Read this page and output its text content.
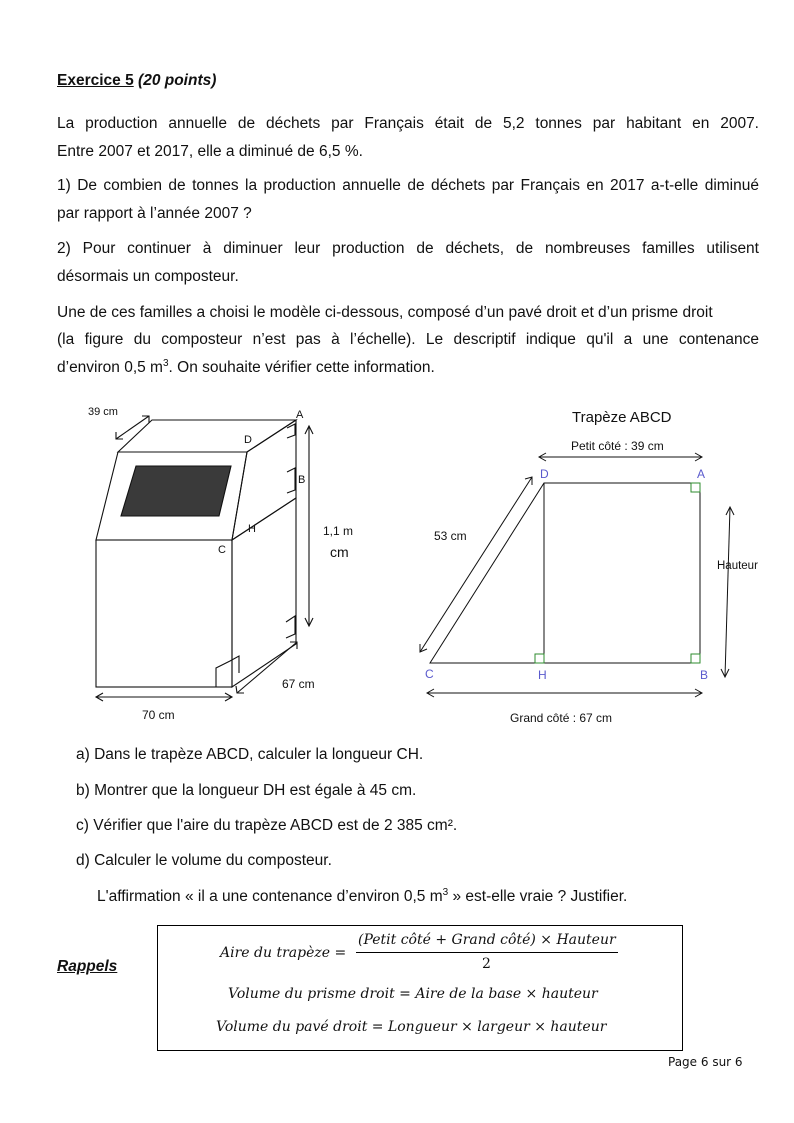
Exercice 5 (20 points)

La production annuelle de déchets par Français était de 5,2 tonnes par habitant en 2007.

Entre 2007 et 2017, elle a diminué de 6,5 %.

1) De combien de tonnes la production annuelle de déchets par Français en 2017 a-t-elle diminué

par rapport à l’année 2007 ?

2) Pour continuer à diminuer leur production de déchets, de nombreuses familles utilisent

désormais un composteur.

Une de ces familles a choisi le modèle ci-dessous, composé d’un pavé droit et d’un prisme droit

(la figure du composteur n’est pas à l’échelle). Le descriptif indique qu'il a une contenance

d’environ 0,5 $m^3$. On souhaite vérifier cette information.

39 cm	A
D
B
H
C
1,1 m
cm
67 cm
70 cm
Trapèze ABCD
Petit côté : 39 cm
53 cm
Hauteur
Grand côté : 67 cm
D	A
C	H	B
a) Dans le trapèze ABCD, calculer la longueur CH.
b) Montrer que la longueur DH est égale à 45 cm.
c) Vérifier que l'aire du trapèze ABCD est de 2 385 cm².
d) Calculer le volume du composteur.
L'affirmation « il a une contenance d’environ 0,5 $m^3$ » est-elle vraie ? Justifier.
Rappels
Aire du trapèze =
(Petit côté + Grand côté) × Hauteur
2
Volume du prisme droit = Aire de la base × hauteur
Volume du pavé droit = Longueur × largeur × hauteur
Page 6 sur 6
